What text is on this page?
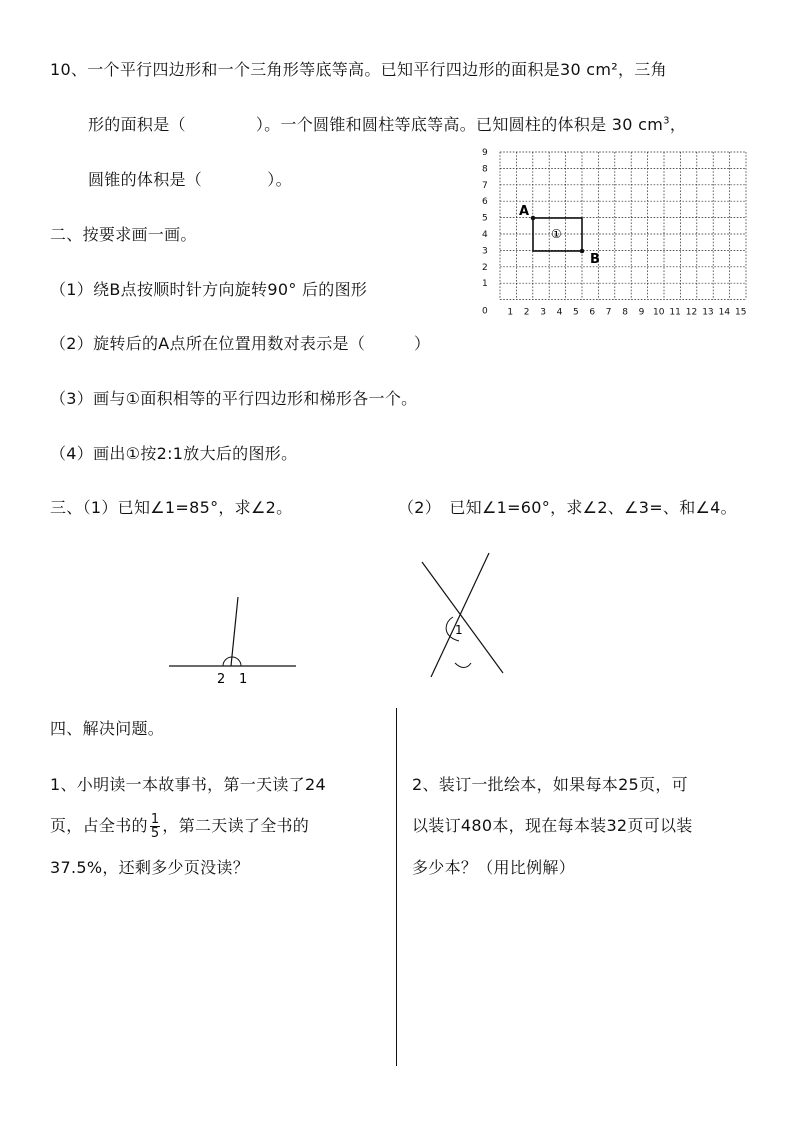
10、一个平行四边形和一个三角形等底等高。已知平行四边形的面积是30 cm²，三角
形的面积是（	）。一个圆锥和圆柱等底等高。已知圆柱的体积是 30 $cm^3$，
圆锥的体积是（　　　　）。
二、按要求画一画。
（1）绕B点按顺时针方向旋转90° 后的图形
（2）旋转后的A点所在位置用数对表示是（　　　）
（3）画与①面积相等的平行四边形和梯形各一个。
（4）画出①按2:1放大后的图形。
9
8
7
6
5
4
3
2
1
0 1 2 3 4 5 6 7 8 9 10 11 12 13 14 15
A
B
①
三、（1）已知∠1=85°，求∠2。	（2）　已知∠1=60°，求∠2、∠3=、和∠4。
2 1
1
四、解决问题。
1、小明读一本故事书，第一天读了24
页，占全书的 $\frac{1}{5}$ ，第二天读了全书的
37.5%，还剩多少页没读？
2、装订一批绘本，如果每本25页，可
以装订480本，现在每本装32页可以装
多少本？（用比例解）
